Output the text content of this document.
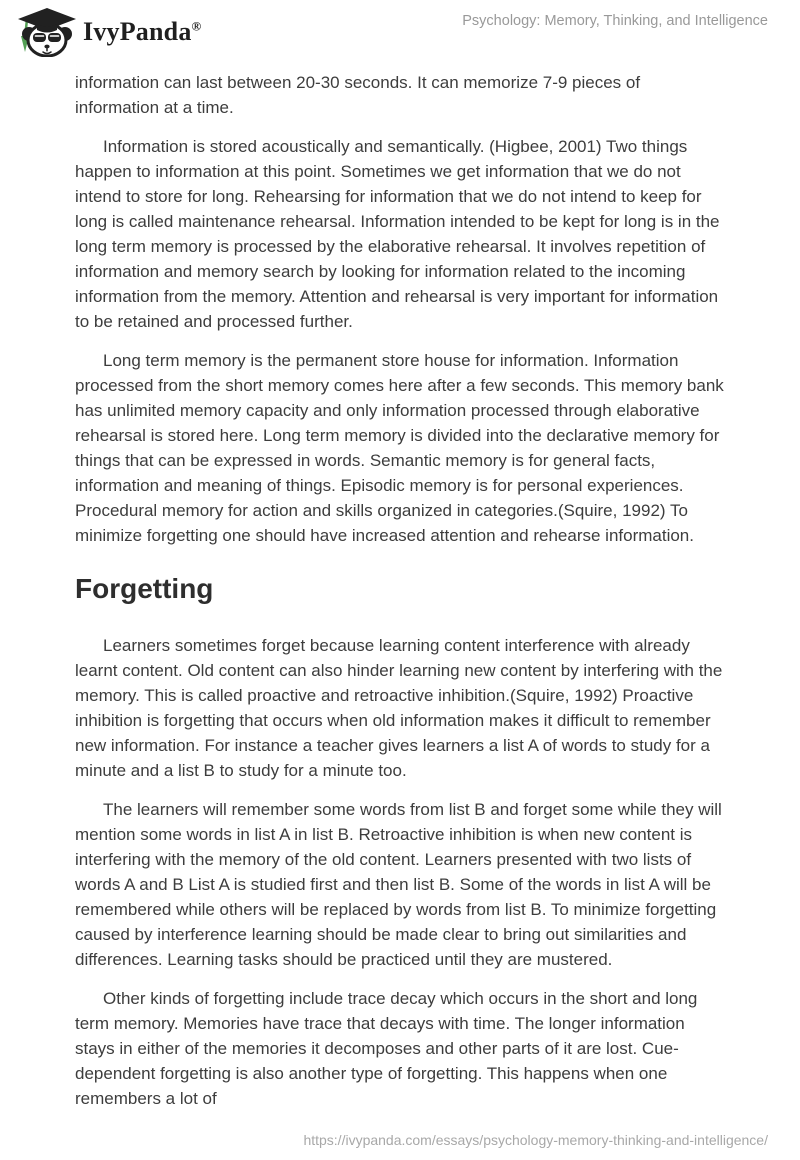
IvyPanda®	Psychology: Memory, Thinking, and Intelligence

information can last between 20-30 seconds. It can memorize 7-9 pieces of information at a time.

Information is stored acoustically and semantically. (Higbee, 2001) Two things happen to information at this point. Sometimes we get information that we do not intend to store for long. Rehearsing for information that we do not intend to keep for long is called maintenance rehearsal. Information intended to be kept for long is in the long term memory is processed by the elaborative rehearsal. It involves repetition of information and memory search by looking for information related to the incoming information from the memory. Attention and rehearsal is very important for information to be retained and processed further.

Long term memory is the permanent store house for information. Information processed from the short memory comes here after a few seconds. This memory bank has unlimited memory capacity and only information processed through elaborative rehearsal is stored here. Long term memory is divided into the declarative memory for things that can be expressed in words. Semantic memory is for general facts, information and meaning of things. Episodic memory is for personal experiences. Procedural memory for action and skills organized in categories.(Squire, 1992) To minimize forgetting one should have increased attention and rehearse information.

Forgetting

Learners sometimes forget because learning content interference with already learnt content. Old content can also hinder learning new content by interfering with the memory. This is called proactive and retroactive inhibition.(Squire, 1992) Proactive inhibition is forgetting that occurs when old information makes it difficult to remember new information. For instance a teacher gives learners a list A of words to study for a minute and a list B to study for a minute too.

The learners will remember some words from list B and forget some while they will mention some words in list A in list B. Retroactive inhibition is when new content is interfering with the memory of the old content. Learners presented with two lists of words A and B List A is studied first and then list B. Some of the words in list A will be remembered while others will be replaced by words from list B. To minimize forgetting caused by interference learning should be made clear to bring out similarities and differences. Learning tasks should be practiced until they are mustered.

Other kinds of forgetting include trace decay which occurs in the short and long term memory. Memories have trace that decays with time. The longer information stays in either of the memories it decomposes and other parts of it are lost. Cue-dependent forgetting is also another type of forgetting. This happens when one remembers a lot of

https://ivypanda.com/essays/psychology-memory-thinking-and-intelligence/
